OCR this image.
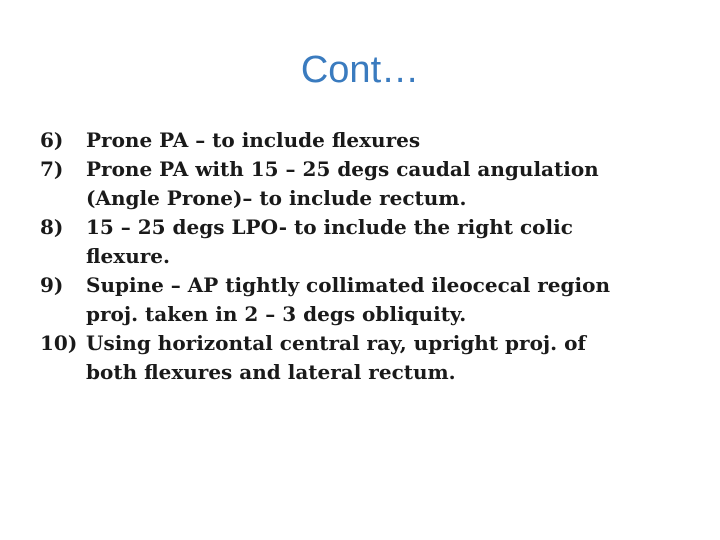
Cont…
6)	Prone PA – to include flexures
7)	Prone PA with 15 – 25 degs caudal angulation
(Angle Prone)– to include rectum.
8)	15 – 25 degs LPO- to include the right colic
flexure.
9)	Supine – AP tightly collimated ileocecal region
proj. taken in 2 – 3 degs obliquity.
10) Using horizontal central ray, upright proj. of
both flexures and lateral rectum.
